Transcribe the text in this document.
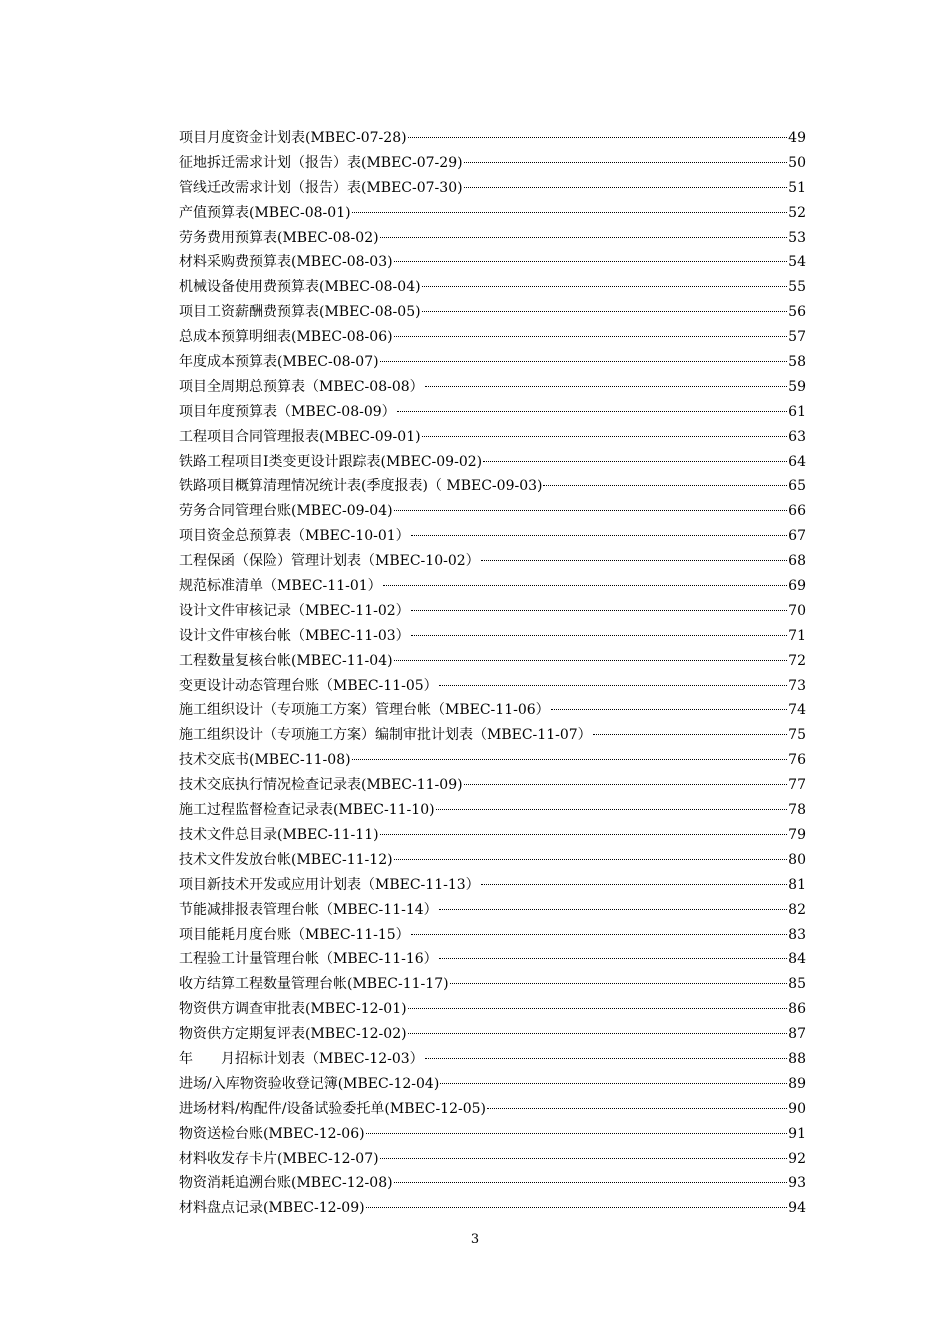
项目月度资金计划表(MBEC-07-28)	49
征地拆迁需求计划（报告）表(MBEC-07-29)	50
管线迁改需求计划（报告）表(MBEC-07-30)	51
产值预算表(MBEC-08-01)	52
劳务费用预算表(MBEC-08-02)	53
材料采购费预算表(MBEC-08-03)	54
机械设备使用费预算表(MBEC-08-04)	55
项目工资薪酬费预算表(MBEC-08-05)	56
总成本预算明细表(MBEC-08-06)	57
年度成本预算表(MBEC-08-07)	58
项目全周期总预算表（MBEC-08-08）	59
项目年度预算表（MBEC-08-09）	61
工程项目合同管理报表(MBEC-09-01)	63
铁路工程项目Ⅰ类变更设计跟踪表(MBEC-09-02)	64
铁路项目概算清理情况统计表(季度报表)（ MBEC-09-03)	65
劳务合同管理台账(MBEC-09-04)	66
项目资金总预算表（MBEC-10-01）	67
工程保函（保险）管理计划表（MBEC-10-02）	68
规范标准清单（MBEC-11-01）	69
设计文件审核记录（MBEC-11-02）	70
设计文件审核台帐（MBEC-11-03）	71
工程数量复核台帐(MBEC-11-04)	72
变更设计动态管理台账（MBEC-11-05）	73
施工组织设计（专项施工方案）管理台帐（MBEC-11-06）	74
施工组织设计（专项施工方案）编制审批计划表（MBEC-11-07）	75
技术交底书(MBEC-11-08)	76
技术交底执行情况检查记录表(MBEC-11-09)	77
施工过程监督检查记录表(MBEC-11-10)	78
技术文件总目录(MBEC-11-11)	79
技术文件发放台帐(MBEC-11-12)	80
项目新技术开发或应用计划表（MBEC-11-13）	81
节能减排报表管理台帐（MBEC-11-14）	82
项目能耗月度台账（MBEC-11-15）	83
工程验工计量管理台帐（MBEC-11-16）	84
收方结算工程数量管理台帐(MBEC-11-17)	85
物资供方调查审批表(MBEC-12-01)	86
物资供方定期复评表(MBEC-12-02)	87
年　　月招标计划表（MBEC-12-03）	88
进场/入库物资验收登记簿(MBEC-12-04)	89
进场材料/构配件/设备试验委托单(MBEC-12-05)	90
物资送检台账(MBEC-12-06)	91
材料收发存卡片(MBEC-12-07)	92
物资消耗追溯台账(MBEC-12-08)	93
材料盘点记录(MBEC-12-09)	94
3
